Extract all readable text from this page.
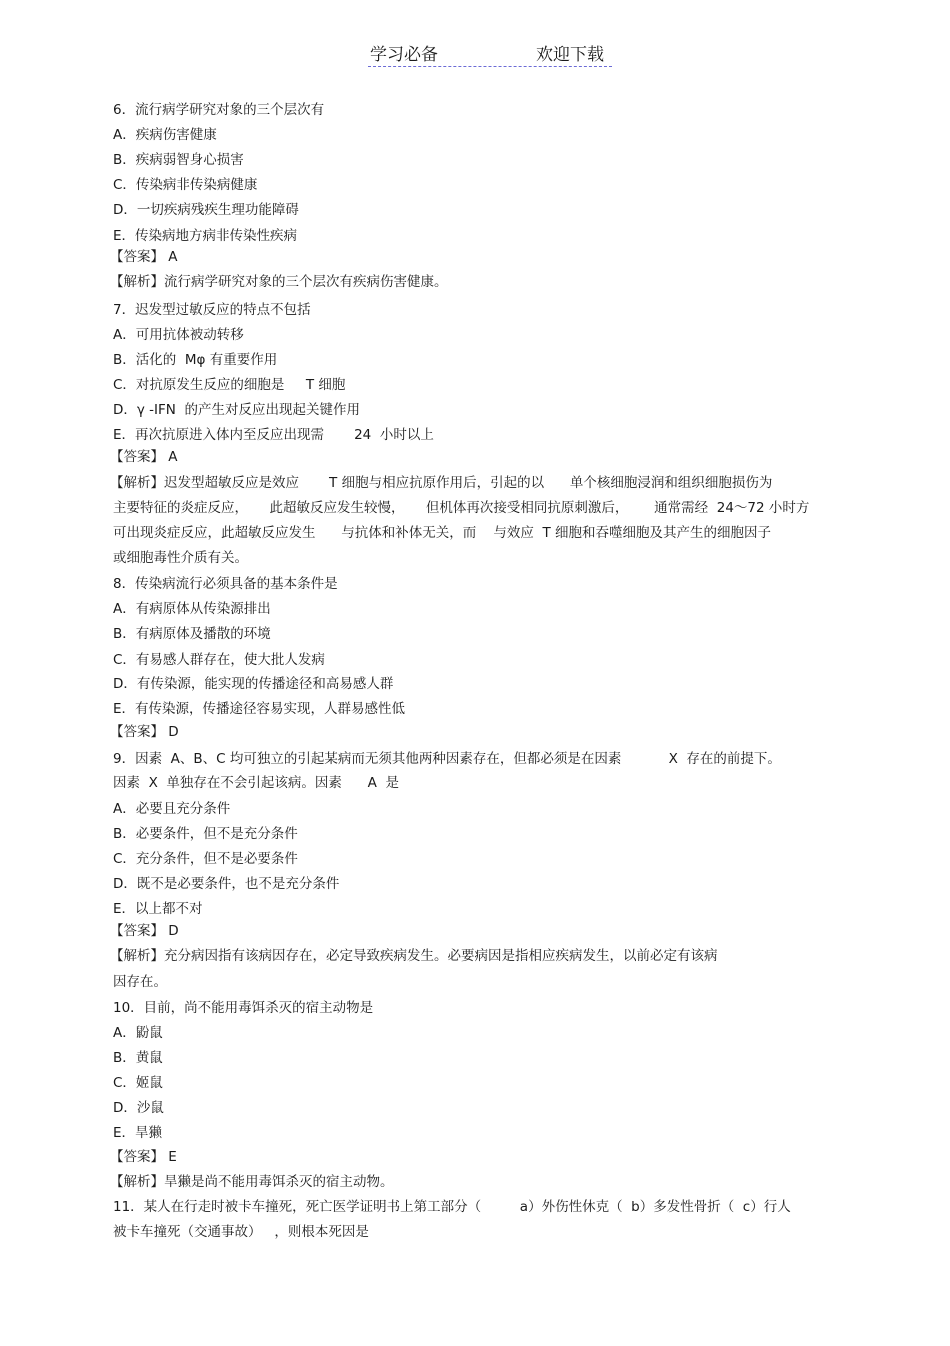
学习必备	欢迎下载
6．流行病学研究对象的三个层次有
A．疾病伤害健康
B．疾病弱智身心损害
C．传染病非传染病健康
D．一切疾病残疾生理功能障碍
E．传染病地方病非传染性疾病
【答案】 A
【解析】流行病学研究对象的三个层次有疾病伤害健康。
7．迟发型过敏反应的特点不包括
A．可用抗体被动转移
B．活化的  Mφ 有重要作用
C．对抗原发生反应的细胞是     T 细胞
D．γ -IFN  的产生对反应出现起关键作用
E．再次抗原进入体内至反应出现需       24  小时以上
【答案】 A
【解析】迟发型超敏反应是效应       T 细胞与相应抗原作用后，引起的以      单个核细胞浸润和组织细胞损伤为
主要特征的炎症反应，     此超敏反应发生较慢，     但机体再次接受相同抗原刺激后，      通常需经  24～72 小时方
可出现炎症反应，此超敏反应发生      与抗体和补体无关，而    与效应  T 细胞和吞噬细胞及其产生的细胞因子
或细胞毒性介质有关。
8．传染病流行必须具备的基本条件是
A．有病原体从传染源排出
B．有病原体及播散的环境
C．有易感人群存在，使大批人发病
D．有传染源，能实现的传播途径和高易感人群
E．有传染源，传播途径容易实现，人群易感性低
【答案】 D
9．因素  A、B、C 均可独立的引起某病而无须其他两种因素存在，但都必须是在因素           X  存在的前提下。
因素  X  单独存在不会引起该病。因素      A  是
A．必要且充分条件
B．必要条件，但不是充分条件
C．充分条件，但不是必要条件
D．既不是必要条件，也不是充分条件
E．以上都不对
【答案】 D
【解析】充分病因指有该病因存在，必定导致疾病发生。必要病因是指相应疾病发生，以前必定有该病
因存在。
10．目前，尚不能用毒饵杀灭的宿主动物是
A．鼢鼠
B．黄鼠
C．姬鼠
D．沙鼠
E．旱獭
【答案】 E
【解析】旱獭是尚不能用毒饵杀灭的宿主动物。
11．某人在行走时被卡车撞死，死亡医学证明书上第工部分（         a）外伤性休克（  b）多发性骨折（  c）行人
被卡车撞死（交通事故）   ，则根本死因是
